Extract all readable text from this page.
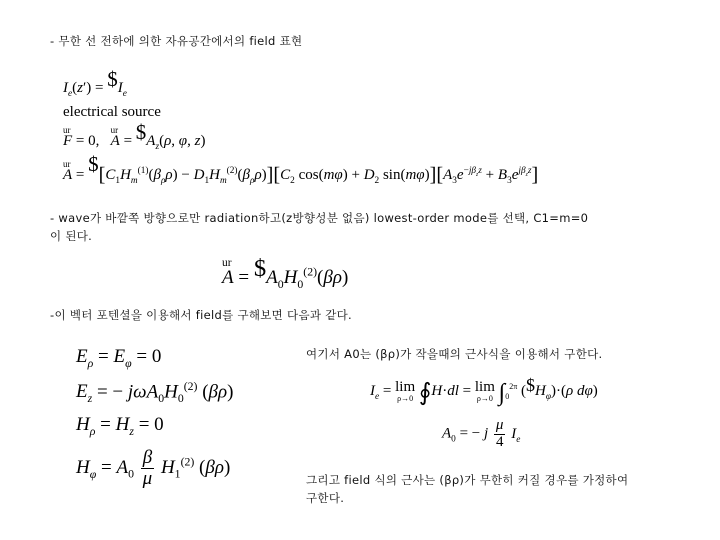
- 무한 선 전하에 의한 자유공간에서의 field 표현
$I_e(z')$ = $\$I_e$
electrical source
ur
F = 0,
ur
$A = \$A_z(\rho$, φ, z)
ur
$A = \$[C_1H_m^{(1)}(\beta_\rho\rho) - D_1H_m^{(2)}(\beta_\rho\rho)][C_2$ $\cos(m\varphi) + D_2$ $\sin(m\varphi)][A_3e^{-j\beta_zz} + B_3e^{j\beta_zz}]$
- wave가 바깥쪽 방향으로만 radiation하고(z방향성분 없음) lowest-order mode를 선택, C1=m=0
이 된다.
ur
$A = \$A_0H_0^{(2)}(\beta\rho)$
-이 벡터 포텐셜을 이용해서 field를 구해보면 다음과 같다.
$E_\rho = E_\varphi = 0$
$E_z$ = − $j\omega A_0H_0^{(2)}$ (βρ)
$H_\rho = H_z = 0$
$H_\varphi = A_0 \frac{\beta}{\mu} H_1^{(2)}$ (βρ)
여기서 A0는 (βρ)가 작을때의 근사식을 이용해서 구한다.
$I_e = \lim$
ρ→0 ∮H·dl = lim
ρ→0 $\int_0^{2\pi}$ $(\$H_\varphi)\cdot(\rho$ dφ)
$A_0$ = − j $\frac{\mu}{4} I_e$
그리고 field 식의 근사는 (βρ)가 무한히 커질 경우를 가정하여
구한다.
